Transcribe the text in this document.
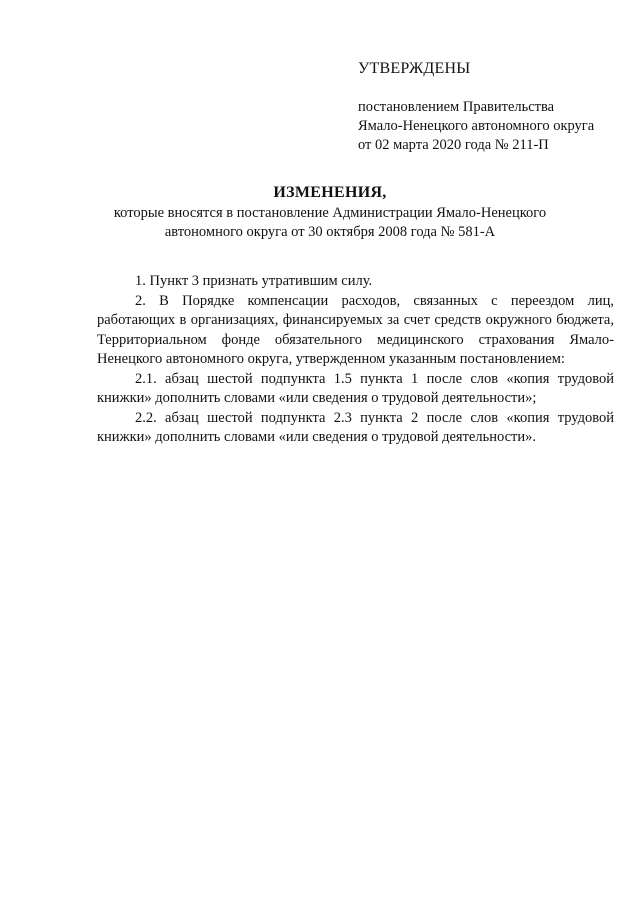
УТВЕРЖДЕНЫ
постановлением Правительства
Ямало-Ненецкого автономного округа
от 02 марта 2020 года № 211-П
ИЗМЕНЕНИЯ,
которые вносятся в постановление Администрации Ямало-Ненецкого
автономного округа от 30 октября 2008 года № 581-А

1. Пункт 3 признать утратившим силу.

2. В Порядке компенсации расходов, связанных с переездом лиц, работающих в организациях, финансируемых за счет средств окружного бюджета, Территориальном фонде обязательного медицинского страхования Ямало-Ненецкого автономного округа, утвержденном указанным постановлением:

2.1. абзац шестой подпункта 1.5 пункта 1 после слов «копия трудовой книжки» дополнить словами «или сведения о трудовой деятельности»;

2.2. абзац шестой подпункта 2.3 пункта 2 после слов «копия трудовой книжки» дополнить словами «или сведения о трудовой деятельности».
